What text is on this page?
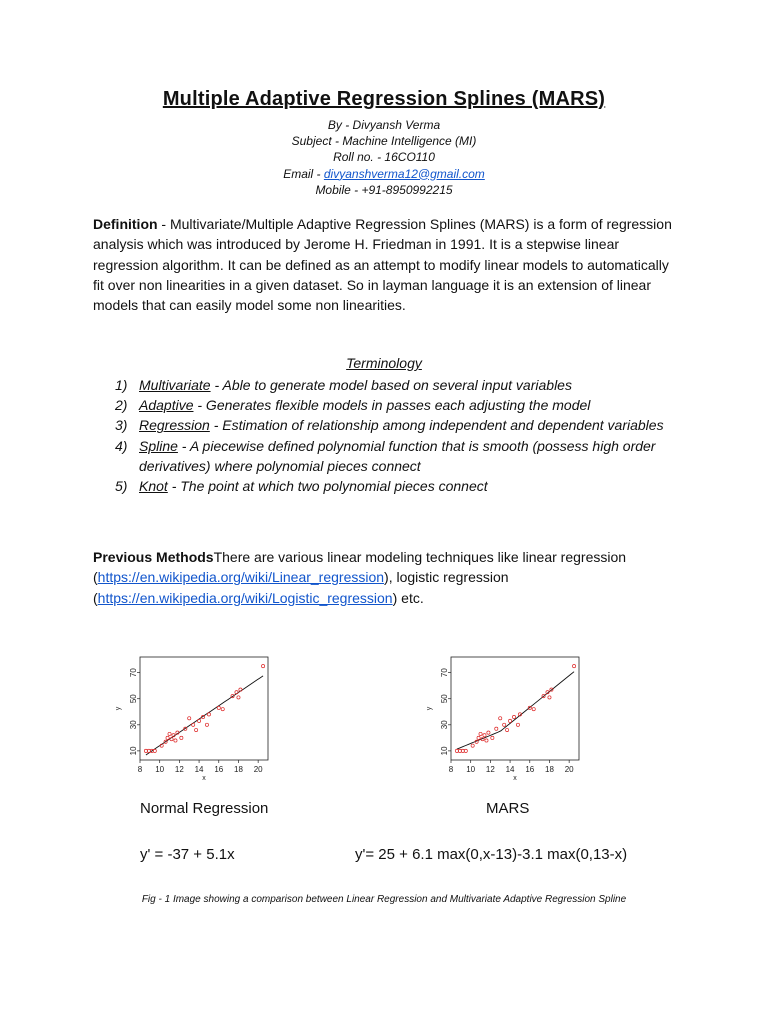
Multiple Adaptive Regression Splines (MARS)
By - Divyansh Verma
Subject - Machine Intelligence (MI)
Roll no. - 16CO110
Email - divyanshverma12@gmail.com
Mobile - +91-8950992215
Definition - Multivariate/Multiple Adaptive Regression Splines (MARS) is a form of regression analysis which was introduced by Jerome H. Friedman in 1991. It is a stepwise linear regression algorithm. It can be defined as an attempt to modify linear models to automatically fit over non linearities in a given dataset. So in layman language it is an extension of linear models that can easily model some non linearities.
Terminology
1) Multivariate - Able to generate model based on several input variables
2) Adaptive - Generates flexible models in passes each adjusting the model
3) Regression - Estimation of relationship among independent and dependent variables
4) Spline - A piecewise defined polynomial function that is smooth (possess high order derivatives) where polynomial pieces connect
5) Knot - The point at which two polynomial pieces connect
Previous MethodsThere are various linear modeling techniques like linear regression (https://en.wikipedia.org/wiki/Linear_regression), logistic regression (https://en.wikipedia.org/wiki/Logistic_regression) etc.
8 10 12 14 16 18 20
10
30
50
70
x
y
8 10 12 14 16 18 20
10
30
50
70
x
y
Normal Regression	MARS
y' = -37 + 5.1x	y'= 25 + 6.1 max(0,x-13)-3.1 max(0,13-x)
Fig - 1 Image showing a comparison between Linear Regression and Multivariate Adaptive Regression Spline
